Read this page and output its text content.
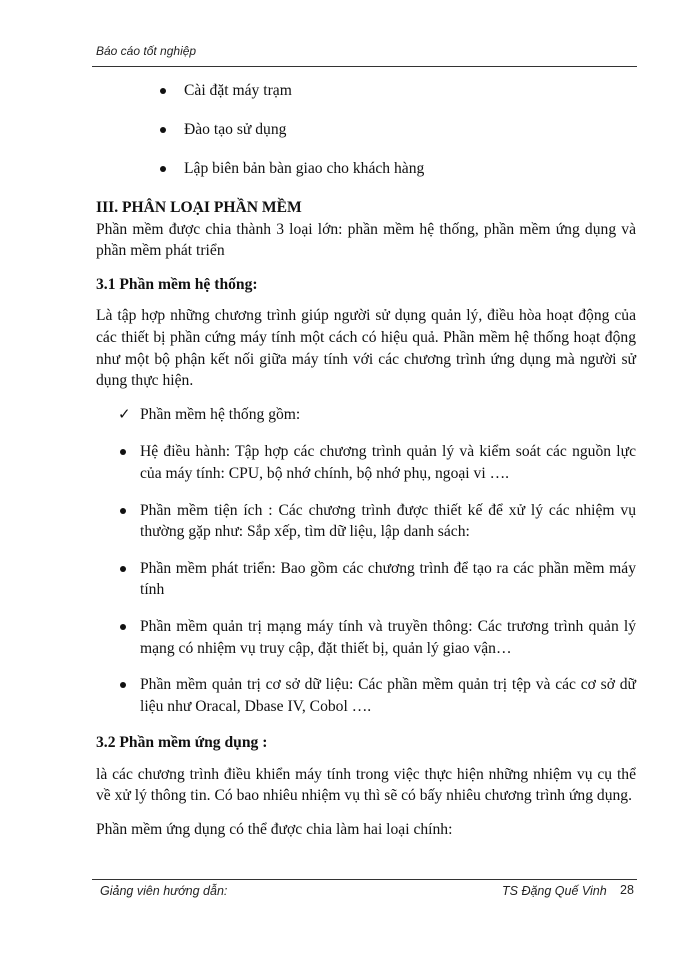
Báo cáo tốt nghiệp
Cài đặt máy trạm
Đào tạo sử dụng
Lập biên bản bàn giao cho khách hàng
III. PHÂN LOẠI PHẦN MỀM

Phần mềm được chia thành 3 loại lớn: phần mềm hệ thống, phần mềm ứng dụng và phần mềm phát triển

3.1 Phần mềm hệ thống:

Là tập hợp những chương trình giúp người sử dụng quản lý, điều hòa hoạt động của các thiết bị phần cứng máy tính một cách có hiệu quả. Phần mềm hệ thống hoạt động như một bộ phận kết nối giữa máy tính với các chương trình ứng dụng mà người sử dụng thực hiện.

✓ Phần mềm hệ thống gồm:
Hệ điều hành: Tập hợp các chương trình quản lý và kiểm soát các nguồn lực của máy tính: CPU, bộ nhớ chính, bộ nhớ phụ, ngoại vi ….
Phần mềm tiện ích : Các chương trình được thiết kế để xử lý các nhiệm vụ thường gặp như: Sắp xếp, tìm dữ liệu, lập danh sách:
Phần mềm phát triển: Bao gồm các chương trình để tạo ra các phần mềm máy tính
Phần mềm quản trị mạng máy tính và truyền thông: Các trương trình quản lý mạng có nhiệm vụ truy cập, đặt thiết bị, quản lý giao vận…
Phần mềm quản trị cơ sở dữ liệu: Các phần mềm quản trị tệp và các cơ sở dữ liệu như Oracal, Dbase IV, Cobol ….
3.2 Phần mềm ứng dụng :

là các chương trình điều khiển máy tính trong việc thực hiện những nhiệm vụ cụ thể về xử lý thông tin. Có bao nhiêu nhiệm vụ thì sẽ có bấy nhiêu chương trình ứng dụng.

Phần mềm ứng dụng có thể được chia làm hai loại chính:

Giảng viên hướng dẫn:	TS Đặng Quế Vinh 28
